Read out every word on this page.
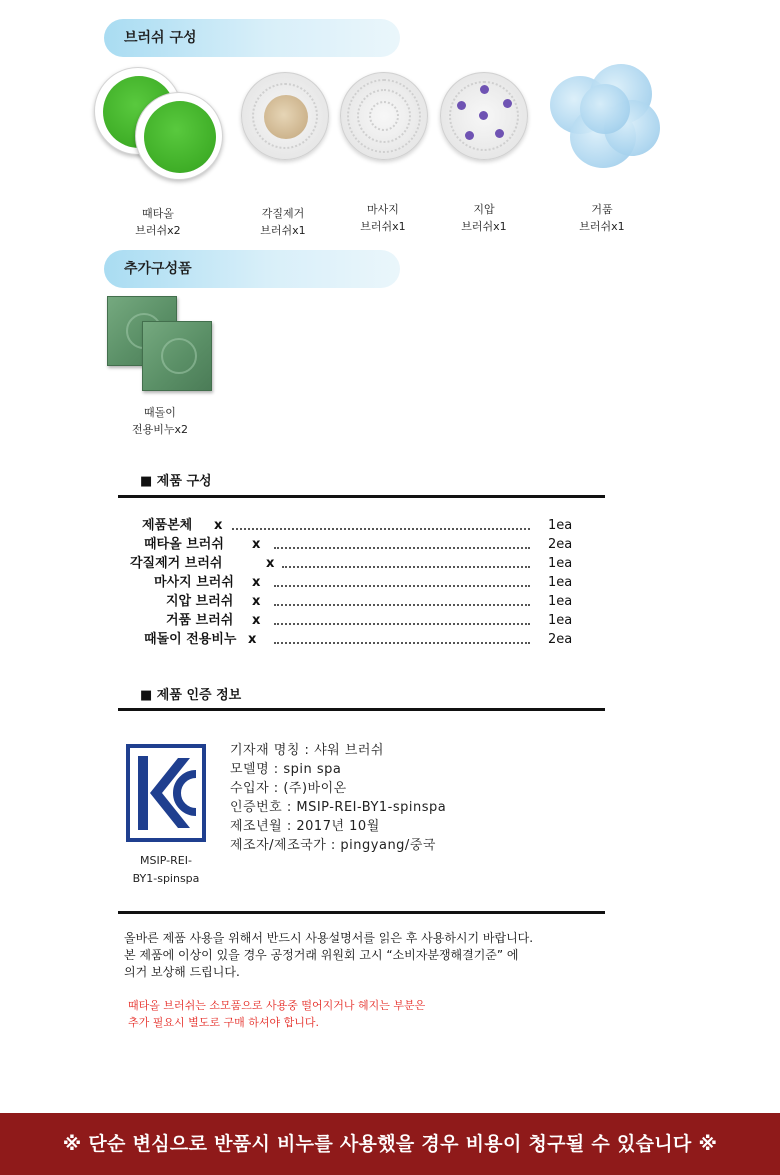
브러쉬 구성
때타올
브러쉬x2
각질제거
브러쉬x1
마사지
브러쉬x1
지압
브러쉬x1
거품
브러쉬x1
추가구성품
때돌이
전용비누x2
■ 제품 구성
제품본체 x	1ea
때타올 브러쉬 x	2ea
각질제거 브러쉬	x	1ea
마사지 브러쉬 x	1ea
지압 브러쉬 x	1ea
거품 브러쉬 x	1ea
때돌이 전용비누 x	2ea
■ 제품 인증 정보
MSIP-REI-
BY1-spinspa
기자재 명칭 : 샤워 브러쉬
모델명 : spin spa
수입자 : (주)바이온
인증번호 : MSIP-REI-BY1-spinspa
제조년월 : 2017년 10월
제조자/제조국가 : pingyang/중국
올바른 제품 사용을 위해서 반드시 사용설명서를 읽은 후 사용하시기 바랍니다.
본 제품에 이상이 있을 경우 공정거래 위원회 고시 “소비자분쟁해결기준” 에
의거 보상해 드립니다.
때타올 브러쉬는 소모품으로 사용중 떨어지거나 헤지는 부분은
추가 필요시 별도로 구매 하셔야 합니다.
※ 단순 변심으로 반품시 비누를 사용했을 경우 비용이 청구될 수 있습니다 ※
